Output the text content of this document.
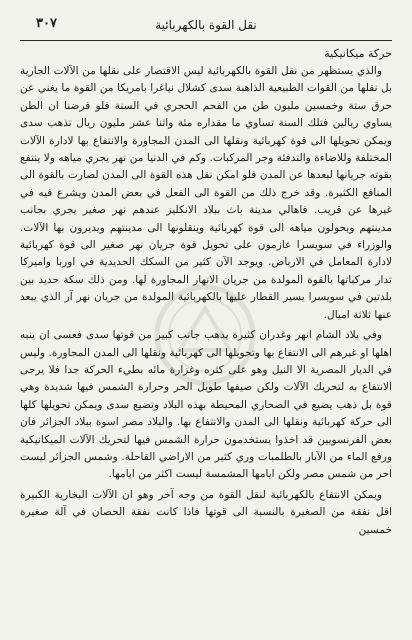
نقل القوة بالكهربائية
٣٠٧
حركة ميكانيكية

والذي يستظهر من نقل القوة بالكهربائية ليس الاقتصار على نقلها من الآلات الجارية بل نقلها من القوات الطبيعية الذاهبة سدى كشلال نياغرا بامريكا من القوة ما يغني عن حرق ستة وخمسين مليون طن من الفحم الحجري في السنة فلو فرضنا ان الطن يساوي ريالين فتلك السنة تساوي ما مقداره مئة واثنا عشر مليون ريال تذهب سدى ويمكن تحويلها الى قوة كهربائية ونقلها الى المدن المجاورة والانتفاع بها لادارة الآلات المختلفة وللاضاءة والتدفئة وجر المركبات. وكم في الدنيا من نهر يجري مياهه ولا ينتفع بقوته جريانها لبعدها عن المدن فلو امكن نقل هذه القوة الى المدن لصارت بالقوة الى المنافع الكثيرة. وقد خرج ذلك من القوة الى الفعل في بعض المدن ويشرع فيه في غيرها عن قريب. فاهالي مدينة باث ببلاد الانكليز عندهم نهر صغير يجري بجانب مدينتهم ويحولون مياهه الى قوة كهربائية وينقلونها الى مدينتهم ويديرون بها الآلات. والوزراء في سويسرا عازمون على تحويل قوة جريان نهر صغير الى قوة كهربائية لادارة المعامل في الارباض. ويوجد الآن كثير من السكك الحديدية في اوربا واميركا تدار مركباتها بالقوة المولدة من جريان الانهار المجاورة لها. ومن ذلك سكة حديد بين بلدتين في سويسرا يسير القطار عليها بالكهربائية المولدة من جريان نهر آر الذي يبعد عنها ثلاثة اميال.

وفي بلاد الشام انهر وغدران كثيرة يذهب جانب كبير من قوتها سدى فعسى ان ينبه اهلها او غيرهم الى الانتفاع بها وتحويلها الى كهربائية ونقلها الى المدن المجاورة. وليس في الديار المصرية الا النيل وهو على كثره وغزارة مائه بطيء الحركة جدا فلا يرجى الانتفاع به لتحريك الآلات ولكن صيفها طويل الحر وحرارة الشمس فيها شديدة وهي قوة بل ذهب يضيع في الصحاري المحيطة بهذه البلاد وتضيع سدى ويمكن تحويلها كلها الى حركة كهربائية ونقلها الى المدن والانتفاع بها. والبلاد مصر اسوة ببلاد الجزائر فان بعض الفرنسويين قد اخذوا يستخدمون حرارة الشمس فيها لتحريك الآلات الميكانيكية ورفع الماء من الآبار بالطلمبات وري كثير من الاراضي القاحلة. وشمس الجزائر ليست احر من شمس مصر ولكن ايامها المشمسة ليست اكثر من ايامها.

ويمكن الانتفاع بالكهربائية لنقل القوة من وجه آخر وهو ان الآلات البخارية الكبيرة اقل نفقة من الصغيرة بالنسبة الى قوتها فاذا كانت نفقة الحصان في آلة صغيرة خمسين
